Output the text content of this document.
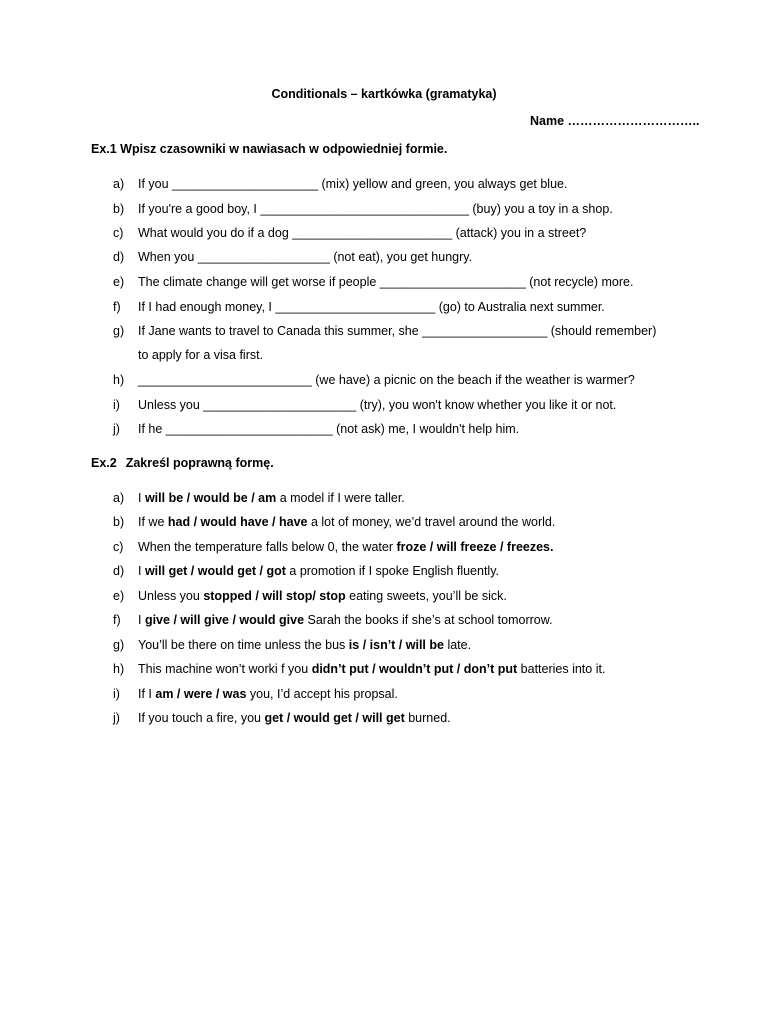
Conditionals – kartkówka (gramatyka)
Name …………………………..
Ex.1 Wpisz czasowniki w nawiasach w odpowiedniej formie.
a)	If you _____________________ (mix) yellow and green, you always get blue.
b)	If you're a good boy, I ______________________________ (buy) you a toy in a shop.
c)	What would you do if a dog _______________________ (attack) you in a street?
d)	When you ___________________ (not eat), you get hungry.
e)	The climate change will get worse if people _____________________ (not recycle) more.
f)	If I had enough money, I _______________________ (go) to Australia next summer.
g)	If Jane wants to travel to Canada this summer, she __________________ (should remember)
to apply for a visa first.
h)	_________________________ (we have) a picnic on the beach if the weather is warmer?
i)	Unless you ______________________ (try), you won't know whether you like it or not.
j)	If he ________________________ (not ask) me, I wouldn't help him.
Ex.2 Zakreśl poprawną formę.
a)	I will be / would be / am a model if I were taller.
b)	If we had / would have / have a lot of money, we’d travel around the world.
c)	When the temperature falls below 0, the water froze / will freeze / freezes.
d)	I will get / would get / got a promotion if I spoke English fluently.
e)	Unless you stopped / will stop/ stop eating sweets, you’ll be sick.
f)	I give / will give / would give Sarah the books if she’s at school tomorrow.
g)	You’ll be there on time unless the bus is / isn’t / will be late.
h)	This machine won’t worki f you didn’t put / wouldn’t put / don’t put batteries into it.
i)	If I am / were / was you, I’d accept his propsal.
j)	If you touch a fire, you get / would get / will get burned.
